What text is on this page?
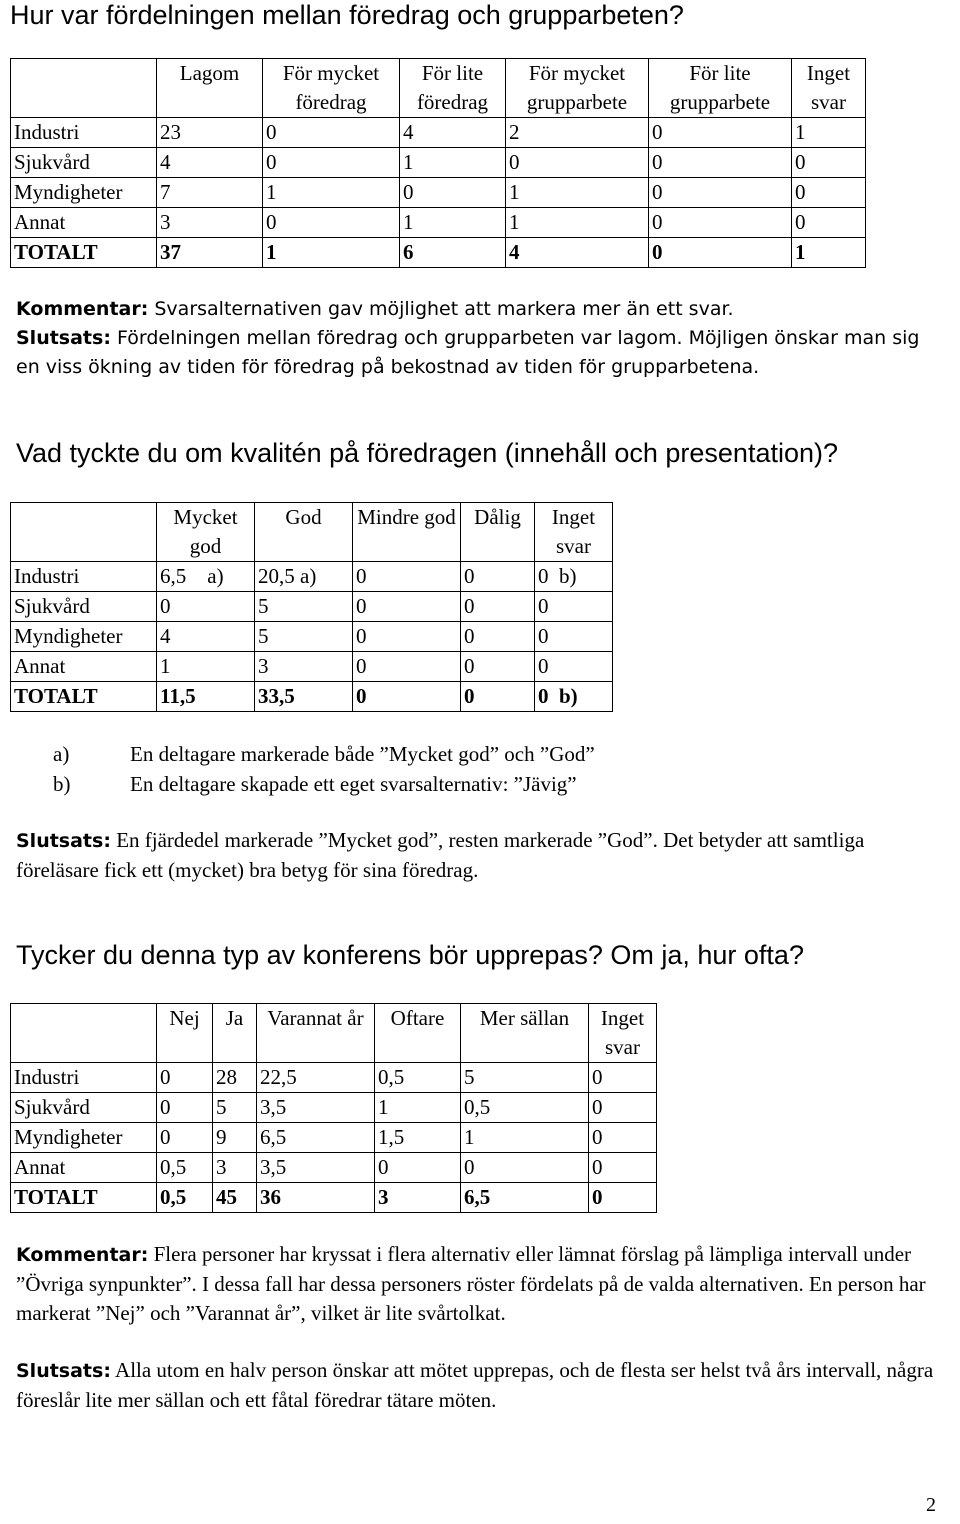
Hur var fördelningen mellan föredrag och grupparbeten?
	Lagom	För mycket föredrag	För lite föredrag	För mycket grupparbete	För lite grupparbete	Inget svar
Industri	23	0	4	2	0	1
Sjukvård	4	0	1	0	0	0
Myndigheter	7	1	0	1	0	0
Annat	3	0	1	1	0	0
TOTALT	37	1	6	4	0	1
Kommentar: Svarsalternativen gav möjlighet att markera mer än ett svar.
Slutsats: Fördelningen mellan föredrag och grupparbeten var lagom. Möjligen önskar man sig en viss ökning av tiden för föredrag på bekostnad av tiden för grupparbetena.
Vad tyckte du om kvalitén på föredragen (innehåll och presentation)?
	Mycket god	God	Mindre god	Dålig	Inget svar
Industri	6,5    a)	20,5 a)	0	0	0  b)
Sjukvård	0	5	0	0	0
Myndigheter	4	5	0	0	0
Annat	1	3	0	0	0
TOTALT	11,5	33,5	0	0	0  b)
a)	En deltagare markerade både ”Mycket god” och ”God”
b)	En deltagare skapade ett eget svarsalternativ: ”Jävig”
Slutsats: En fjärdedel markerade ”Mycket god”, resten markerade ”God”. Det betyder att samtliga föreläsare fick ett (mycket) bra betyg för sina föredrag.
Tycker du denna typ av konferens bör upprepas? Om ja, hur ofta?
	Nej	Ja	Varannat år	Oftare	Mer sällan	Inget svar
Industri	0	28	22,5	0,5	5	0
Sjukvård	0	5	3,5	1	0,5	0
Myndigheter	0	9	6,5	1,5	1	0
Annat	0,5	3	3,5	0	0	0
TOTALT	0,5	45	36	3	6,5	0
Kommentar: Flera personer har kryssat i flera alternativ eller lämnat förslag på lämpliga intervall under ”Övriga synpunkter”. I dessa fall har dessa personers röster fördelats på de valda alternativen. En person har markerat ”Nej” och ”Varannat år”, vilket är lite svårtolkat.
Slutsats: Alla utom en halv person önskar att mötet upprepas, och de flesta ser helst två års intervall, några föreslår lite mer sällan och ett fåtal föredrar tätare möten.
2
